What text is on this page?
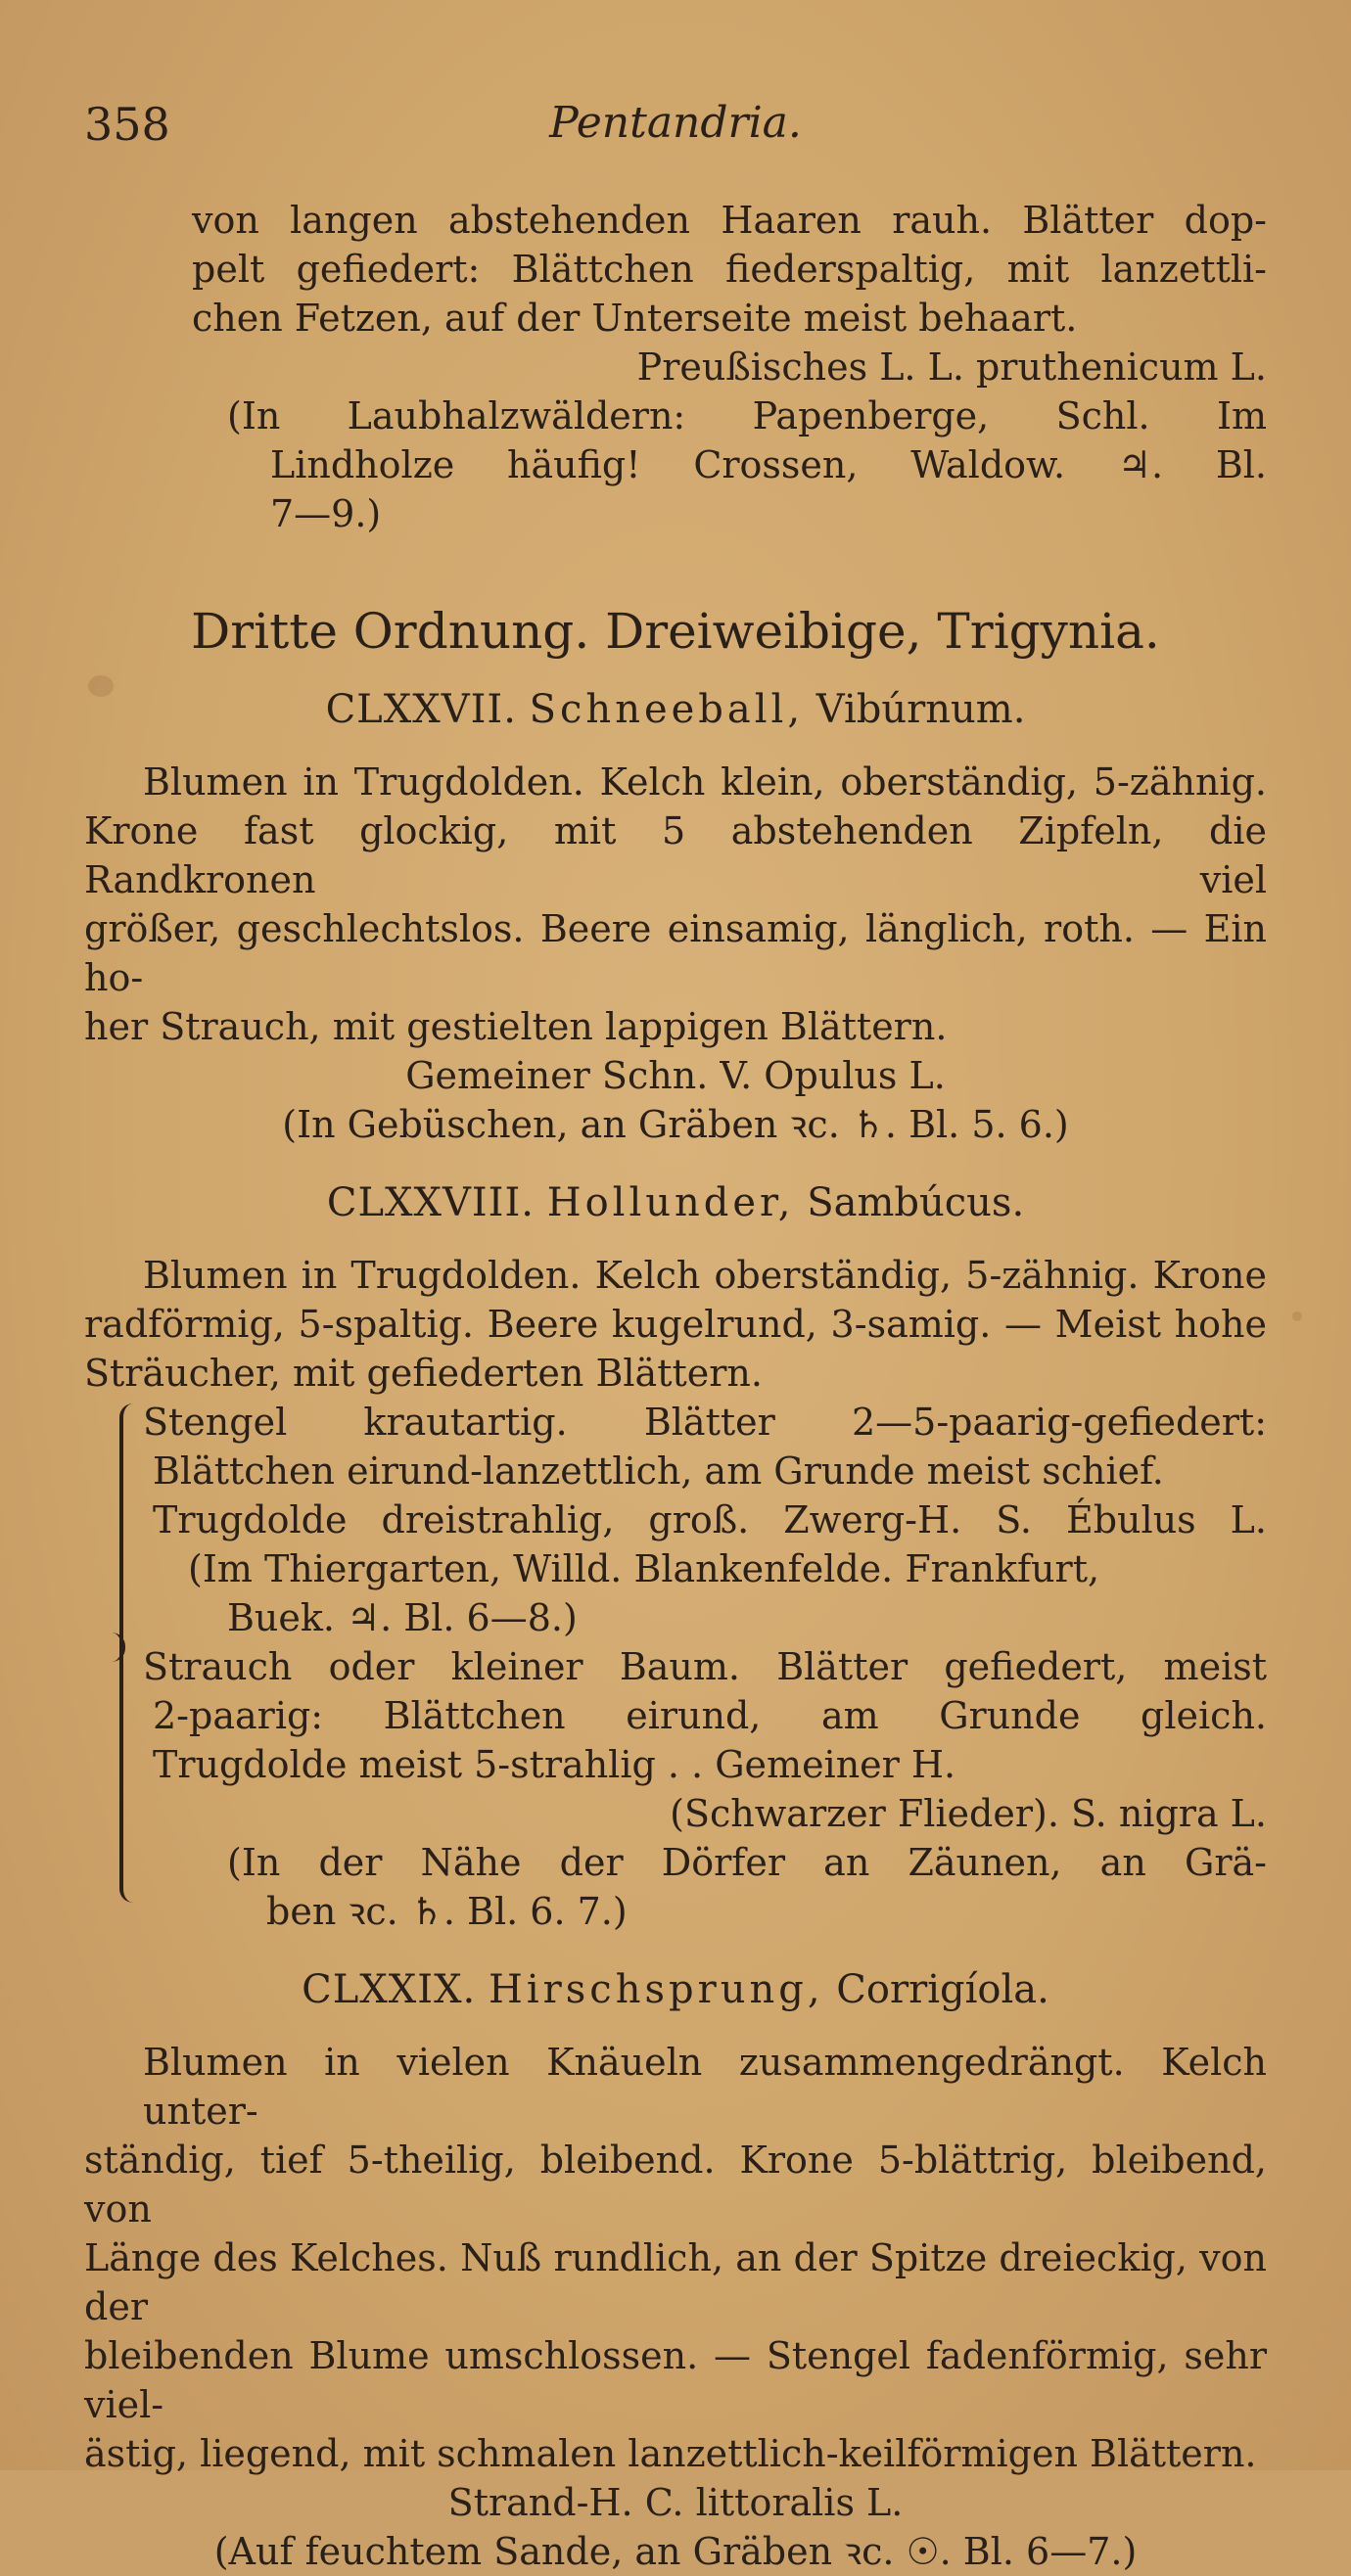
358	Pentandria.

von langen abstehenden Haaren rauh. Blätter dop-

pelt gefiedert: Blättchen fiederspaltig, mit lanzettli-

chen Fetzen, auf der Unterseite meist behaart.

Preußisches L. L. pruthenicum L.

(In Laubhalzwäldern: Papenberge, Schl. Im

Lindholze häufig! Crossen, Waldow. ♃. Bl.

7—9.)

Dritte Ordnung. Dreiweibige, Trigynia.
CLXXVII. Schneeball, Vibúrnum.

Blumen in Trugdolden. Kelch klein, oberständig, 5-zähnig.

Krone fast glockig, mit 5 abstehenden Zipfeln, die Randkronen viel

größer, geschlechtslos. Beere einsamig, länglich, roth. — Ein ho-

her Strauch, mit gestielten lappigen Blättern.

Gemeiner Schn. V. Opulus L.

(In Gebüschen, an Gräben ꝛc. ♄. Bl. 5. 6.)

CLXXVIII. Hollunder, Sambúcus.

Blumen in Trugdolden. Kelch oberständig, 5-zähnig. Krone

radförmig, 5-spaltig. Beere kugelrund, 3-samig. — Meist hohe

Sträucher, mit gefiederten Blättern.

Stengel krautartig. Blätter 2—5-paarig-gefiedert:

Blättchen eirund-lanzettlich, am Grunde meist schief.

Trugdolde dreistrahlig, groß. Zwerg-H. S. Ébulus L.

(Im Thiergarten, Willd. Blankenfelde. Frankfurt,

Buek. ♃. Bl. 6—8.)

Strauch oder kleiner Baum. Blätter gefiedert, meist

2-paarig: Blättchen eirund, am Grunde gleich.

Trugdolde meist 5-strahlig . . Gemeiner H.

(Schwarzer Flieder). S. nigra L.

(In der Nähe der Dörfer an Zäunen, an Grä-

ben ꝛc. ♄. Bl. 6. 7.)

CLXXIX. Hirschsprung, Corrigíola.

Blumen in vielen Knäueln zusammengedrängt. Kelch unter-

ständig, tief 5-theilig, bleibend. Krone 5-blättrig, bleibend, von

Länge des Kelches. Nuß rundlich, an der Spitze dreieckig, von der

bleibenden Blume umschlossen. — Stengel fadenförmig, sehr viel-

ästig, liegend, mit schmalen lanzettlich-keilförmigen Blättern.

Strand-H. C. littoralis L.

(Auf feuchtem Sande, an Gräben ꝛc. ☉. Bl. 6—7.)
